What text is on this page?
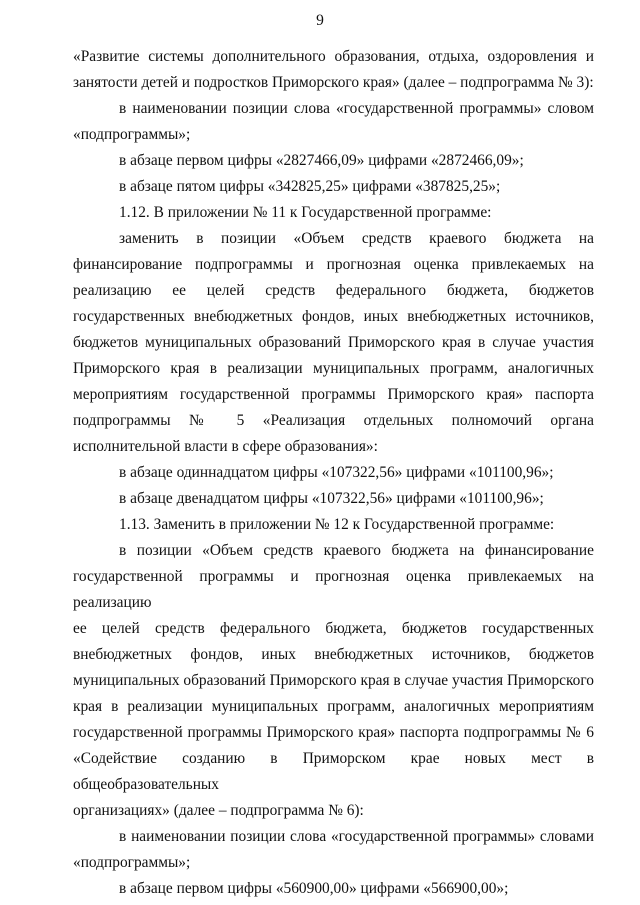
9

«Развитие системы дополнительного образования, отдыха, оздоровления и
занятости детей и подростков Приморского края» (далее – подпрограмма № 3):

в наименовании позиции слова «государственной программы» словом
«подпрограммы»;

в абзаце первом цифры «2827466,09» цифрами «2872466,09»;

в абзаце пятом цифры «342825,25» цифрами «387825,25»;

1.12. В приложении № 11 к Государственной программе:

заменить в позиции «Объем средств краевого бюджета на
финансирование подпрограммы и прогнозная оценка привлекаемых на
реализацию ее целей средств федерального бюджета, бюджетов
государственных внебюджетных фондов, иных внебюджетных источников,
бюджетов муниципальных образований Приморского края в случае участия
Приморского края в реализации муниципальных программ, аналогичных
мероприятиям государственной программы Приморского края» паспорта
подпрограммы № 5 «Реализация отдельных полномочий органа
исполнительной власти в сфере образования»:

в абзаце одиннадцатом цифры «107322,56» цифрами «101100,96»;

в абзаце двенадцатом цифры «107322,56» цифрами «101100,96»;

1.13. Заменить в приложении № 12 к Государственной программе:

в позиции «Объем средств краевого бюджета на финансирование
государственной программы и прогнозная оценка привлекаемых на реализацию
ее целей средств федерального бюджета, бюджетов государственных
внебюджетных фондов, иных внебюджетных источников, бюджетов
муниципальных образований Приморского края в случае участия Приморского
края в реализации муниципальных программ, аналогичных мероприятиям
государственной программы Приморского края» паспорта подпрограммы № 6
«Содействие созданию в Приморском крае новых мест в общеобразовательных
организациях» (далее – подпрограмма № 6):

в наименовании позиции слова «государственной программы» словами
«подпрограммы»;

в абзаце первом цифры «560900,00» цифрами «566900,00»;
